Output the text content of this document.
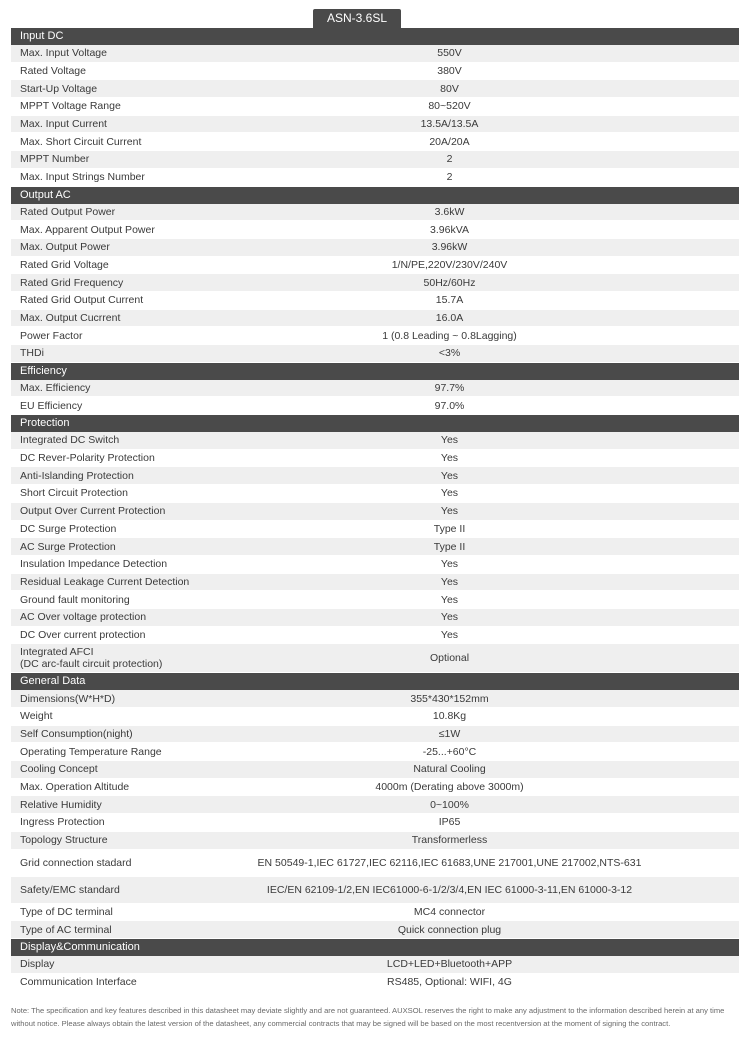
ASN-3.6SL
Input DC
Max. Input Voltage	550V
Rated Voltage	380V
Start-Up Voltage	80V
MPPT Voltage Range	80~520V
Max. Input Current	13.5A/13.5A
Max. Short Circuit Current	20A/20A
MPPT Number	2
Max. Input Strings Number	2
Output AC
Rated Output Power	3.6kW
Max. Apparent Output Power	3.96kVA
Max. Output Power	3.96kW
Rated Grid Voltage	1/N/PE,220V/230V/240V
Rated Grid Frequency	50Hz/60Hz
Rated Grid Output Current	15.7A
Max. Output Cucrrent	16.0A
Power Factor	1 (0.8 Leading ~ 0.8Lagging)
THDi	<3%
Efficiency
Max. Efficiency	97.7%
EU Efficiency	97.0%
Protection
Integrated DC Switch	Yes
DC Rever-Polarity Protection	Yes
Anti-Islanding Protection	Yes
Short Circuit Protection	Yes
Output Over Current Protection	Yes
DC Surge Protection	Type II
AC Surge Protection	Type II
Insulation Impedance Detection	Yes
Residual Leakage Current Detection	Yes
Ground fault monitoring	Yes
AC Over voltage protection	Yes
DC Over current protection	Yes
Integrated AFCI
(DC arc-fault circuit protection)	Optional
General Data
Dimensions(W*H*D)	355*430*152mm
Weight	10.8Kg
Self Consumption(night)	≤1W
Operating Temperature Range	-25...+60°C
Cooling Concept	Natural Cooling
Max. Operation Altitude	4000m (Derating above 3000m)
Relative Humidity	0~100%
Ingress Protection	IP65
Topology Structure	Transformerless
Grid connection stadard	EN 50549-1,IEC 61727,IEC 62116,IEC 61683,UNE 217001,UNE 217002,NTS-631
Safety/EMC standard	IEC/EN 62109-1/2,EN IEC61000-6-1/2/3/4,EN IEC 61000-3-11,EN 61000-3-12
Type of DC terminal	MC4 connector
Type of AC terminal	Quick connection plug
Display&Communication
Display	LCD+LED+Bluetooth+APP
Communication Interface	RS485, Optional: WIFI, 4G
Note: The specification and key features described in this datasheet may deviate slightly and are not guaranteed. AUXSOL reserves the right to make any adjustment to the information described herein at any time without notice. Please always obtain the latest version of the datasheet, any commercial contracts that may be signed will be based on the most recentversion at the moment of signing the contract.
